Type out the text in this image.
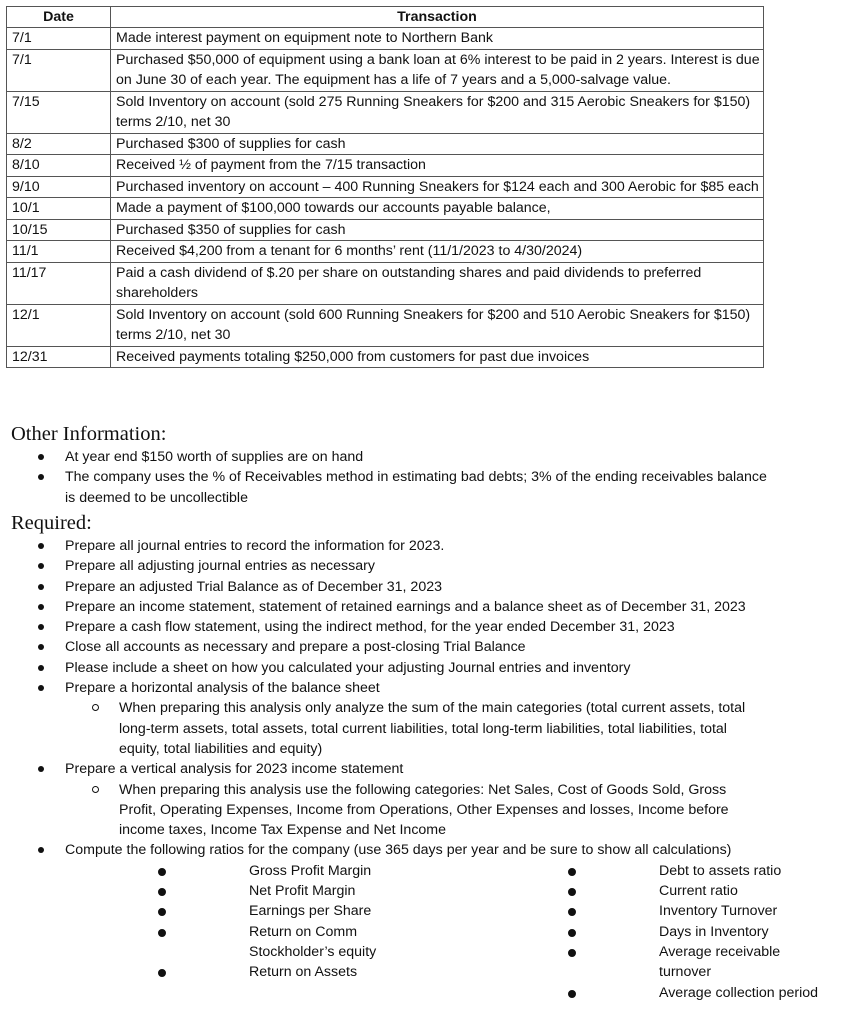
Date	Transaction
7/1	Made interest payment on equipment note to Northern Bank
7/1	Purchased $50,000 of equipment using a bank loan at 6% interest to be paid in 2 years. Interest is due on June 30 of each year. The equipment has a life of 7 years and a 5,000-salvage value.
7/15	Sold Inventory on account (sold 275 Running Sneakers for $200 and 315 Aerobic Sneakers for $150) terms 2/10, net 30
8/2	Purchased $300 of supplies for cash
8/10	Received ½ of payment from the 7/15 transaction
9/10	Purchased inventory on account – 400 Running Sneakers for $124 each and 300 Aerobic for $85 each
10/1	Made a payment of $100,000 towards our accounts payable balance,
10/15	Purchased $350 of supplies for cash
11/1	Received $4,200 from a tenant for 6 months’ rent (11/1/2023 to 4/30/2024)
11/17	Paid a cash dividend of $.20 per share on outstanding shares and paid dividends to preferred shareholders
12/1	Sold Inventory on account (sold 600 Running Sneakers for $200 and 510 Aerobic Sneakers for $150) terms 2/10, net 30
12/31	Received payments totaling $250,000 from customers for past due invoices
Other Information:
At year end $150 worth of supplies are on hand
The company uses the % of Receivables method in estimating bad debts; 3% of the ending receivables balance is deemed to be uncollectible
Required:
Prepare all journal entries to record the information for 2023.
Prepare all adjusting journal entries as necessary
Prepare an adjusted Trial Balance as of December 31, 2023
Prepare an income statement, statement of retained earnings and a balance sheet as of December 31, 2023
Prepare a cash flow statement, using the indirect method, for the year ended December 31, 2023
Close all accounts as necessary and prepare a post-closing Trial Balance
Please include a sheet on how you calculated your adjusting Journal entries and inventory
Prepare a horizontal analysis of the balance sheet
When preparing this analysis only analyze the sum of the main categories (total current assets, total long-term assets, total assets, total current liabilities, total long-term liabilities, total liabilities, total equity, total liabilities and equity)
Prepare a vertical analysis for 2023 income statement
When preparing this analysis use the following categories: Net Sales, Cost of Goods Sold, Gross Profit, Operating Expenses, Income from Operations, Other Expenses and losses, Income before income taxes, Income Tax Expense and Net Income
Compute the following ratios for the company (use 365 days per year and be sure to show all calculations)
Gross Profit Margin
Net Profit Margin
Earnings per Share
Return on Comm Stockholder’s equity
Return on Assets
Debt to assets ratio
Current ratio
Inventory Turnover
Days in Inventory
Average receivable turnover
Average collection period
